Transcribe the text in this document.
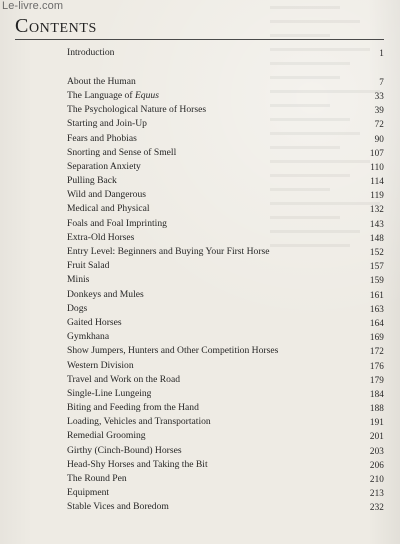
▬▬▬▬▬▬▬
▬▬▬▬▬▬▬▬▬
▬▬▬▬▬▬
▬▬▬▬▬▬▬▬▬▬
▬▬▬▬▬▬▬▬
▬▬▬▬▬▬▬
▬▬▬▬▬▬▬▬▬▬▬
▬▬▬▬▬▬
▬▬▬▬▬▬▬▬
▬▬▬▬▬▬▬▬▬
▬▬▬▬▬▬▬
▬▬▬▬▬▬▬▬▬▬
▬▬▬▬▬▬▬▬
▬▬▬▬▬▬
▬▬▬▬▬▬▬▬▬▬▬
▬▬▬▬▬▬▬
▬▬▬▬▬▬▬▬▬
▬▬▬▬▬▬▬▬
Le-livre.com
Contents
Introduction	1
About the Human	7
The Language of Equus	33
The Psychological Nature of Horses	39
Starting and Join-Up	72
Fears and Phobias	90
Snorting and Sense of Smell	107
Separation Anxiety	110
Pulling Back	114
Wild and Dangerous	119
Medical and Physical	132
Foals and Foal Imprinting	143
Extra-Old Horses	148
Entry Level: Beginners and Buying Your First Horse	152
Fruit Salad	157
Minis	159
Donkeys and Mules	161
Dogs	163
Gaited Horses	164
Gymkhana	169
Show Jumpers, Hunters and Other Competition Horses	172
Western Division	176
Travel and Work on the Road	179
Single-Line Lungeing	184
Biting and Feeding from the Hand	188
Loading, Vehicles and Transportation	191
Remedial Grooming	201
Girthy (Cinch-Bound) Horses	203
Head-Shy Horses and Taking the Bit	206
The Round Pen	210
Equipment	213
Stable Vices and Boredom	232
